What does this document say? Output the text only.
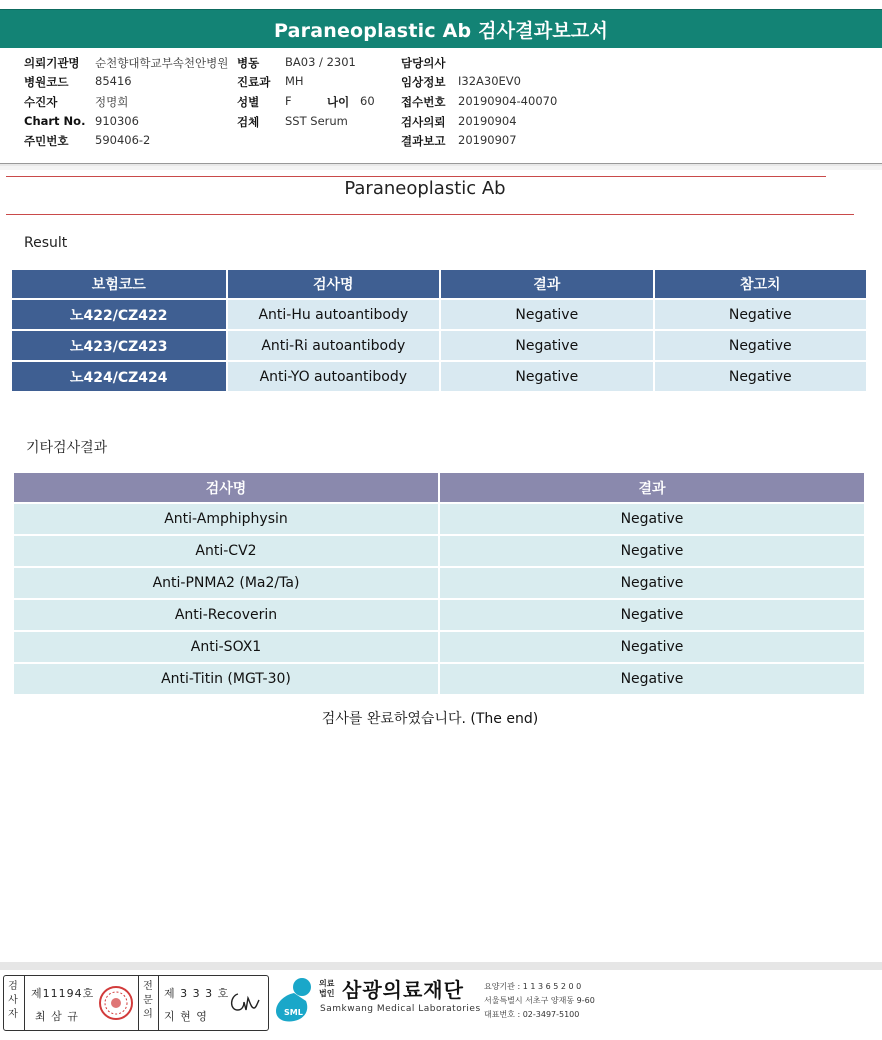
Paraneoplastic Ab 검사결과보고서
의뢰기관명 순천향대학교부속천안병원 병동 BA03 / 2301	담당의사
병원코드 85416	진료과 MH	임상정보 I32A30EV0
수진자	정명희	성별 F	나이 60 접수번호 20190904-40070
Chart No. 910306	검체 SST Serum	검사의뢰 20190904
주민번호 590406-2	결과보고 20190907
Paraneoplastic Ab
Result
보험코드	검사명	결과	참고치
노422/CZ422	Anti-Hu autoantibody	Negative	Negative
노423/CZ423	Anti-Ri autoantibody	Negative	Negative
노424/CZ424	Anti-YO autoantibody	Negative	Negative
기타검사결과
검사명	결과
Anti-Amphiphysin	Negative
Anti-CV2	Negative
Anti-PNMA2 (Ma2/Ta)	Negative
Anti-Recoverin	Negative
Anti-SOX1	Negative
Anti-Titin (MGT-30)	Negative
검사를 완료하였습니다. (The end)
검사자
제11194호
최 삼 규
전문의
제 3 3 3 호
지 현 영	SML
의료
법인 삼광의료재단
Samkwang Medical Laboratories
요양기관 : 1 1 3 6 5 2 0 0
서울특별시 서초구 양재동 9-60
대표번호 : 02-3497-5100
